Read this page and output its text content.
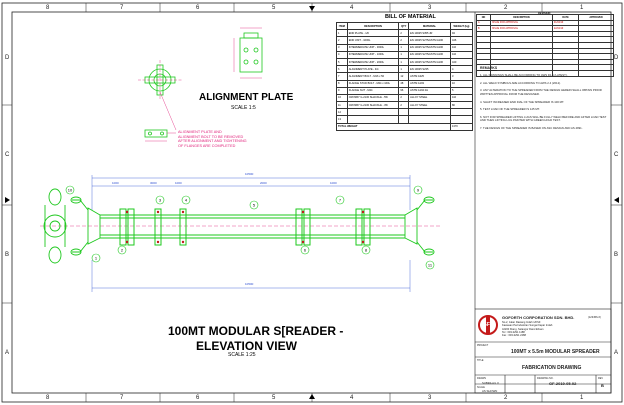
10
1
2
3	4
5
6
7
8
9
11
8
8
7
7
6
6
5
5
4
4
3
3
2
2
1
1
D	D
C	C
B	B
A	A
BILL OF MATERIAL
ITEM	DESCRIPTION	QTY	MATERIAL	WEIGHT (kg)
1	END PLATE - 1/6	2	EN 10025 S355 JR	94
2	END UNIT - 1000L	2	EN 10025 S275/ASTM A106	446
3	INTERMEDIATE UNIT - 3000L	1	EN 10025 S275/ASTM A106	110
4	INTERMEDIATE UNIT - 1000L	1	EN 10025 S275/ASTM A106	110
5	INTERMEDIATE UNIT - 2000L	1	EN 10025 S275/ASTM A106	440
6	ALIGNMENT PLATE - 4/4	1	EN 10025 S235	4
7	ALIGNMENT BOLT - M16 x 50	12	ASTM A325	3
8	FLANGE STUD BOLT - M24 x 160L	48	ASTM A193	10
9	FLANGE NUT - M24	96	ASTM A194 2H	5
10	CROSBY G-2130 SHACKLE - 55t	2	ALLOY STEEL	110
11	CROSBY G-2130 SHACKLE - 35t	2	ALLOY STEEL	80
12				
13				
TOTAL WEIGHT				1370
NO	DESCRIPTION	DATE	APPROVED
A	ISSUE FOR APPROVAL	01/04/19	
B	ISSUE FOR APPROVAL	22/04/19	

REVISION
REMARKS
1. ALL DRAWINGS SHALL BE ACCORDING TO AWS D1.1 (LATEST).
2. ALL WELD SYMBOLS ARE ACCORDING TO AWS 2.4 (2012).
3. ANY ALTERATION TO THE SPREADER FROM THE DESIGN HEREIN SHALL OBTAIN PRIOR WRITTEN APPROVAL FROM THE DESIGNER.
4. SHAFT INCREASED END DIAL OF THE SPREADER IS 100 MT.
5. TEST LOAD OF THE SPREADER IS 125 MT.
6. NOT FOR SPREADER LIFTING LUGS WILL BE FULLY WELD BEFORE AND AFTER LOAD TEST AND THEN LIFTING LUG PAINTED WITH GREEN HOLD TEST.
7. THE DESIGN OF THE SPREADER IS BASED ON ASC DESIGN AND AS 4991.
ALIGNMENT PLATE
SCALE 1:5
ALIGNMENT PLATE AND
ALIGNMENT BOLT TO BE REMOVED
AFTER ALIGNMENT AND TIGHTENING
OF FLANGES ARE COMPLETED
100MT MODULAR S[READER -
ELEVATION VIEW
SCALE 1:25
10500
1000	3000	1000	2000	1000
10500
GOFORTH CORPORATION SDN. BHD.	(123456-X)
No.2, Jalan Rawang Indah 1/KS9
Kawasan Perindustrian Sungai Kapar Indah
42200 Klang, Selangor Darul Ehsan
Tel : 603-3291 1188
Fax : 603-3291 2288
PROJECT
100MT x 5.5m MODULAR SPREADER
TITLE
FABRICATION DRAWING
DRAWN
SUBRA A/L V
SCALE
AS SHOWN
DRAWING NO.
GF-2019-05-02
REV
B
GF
